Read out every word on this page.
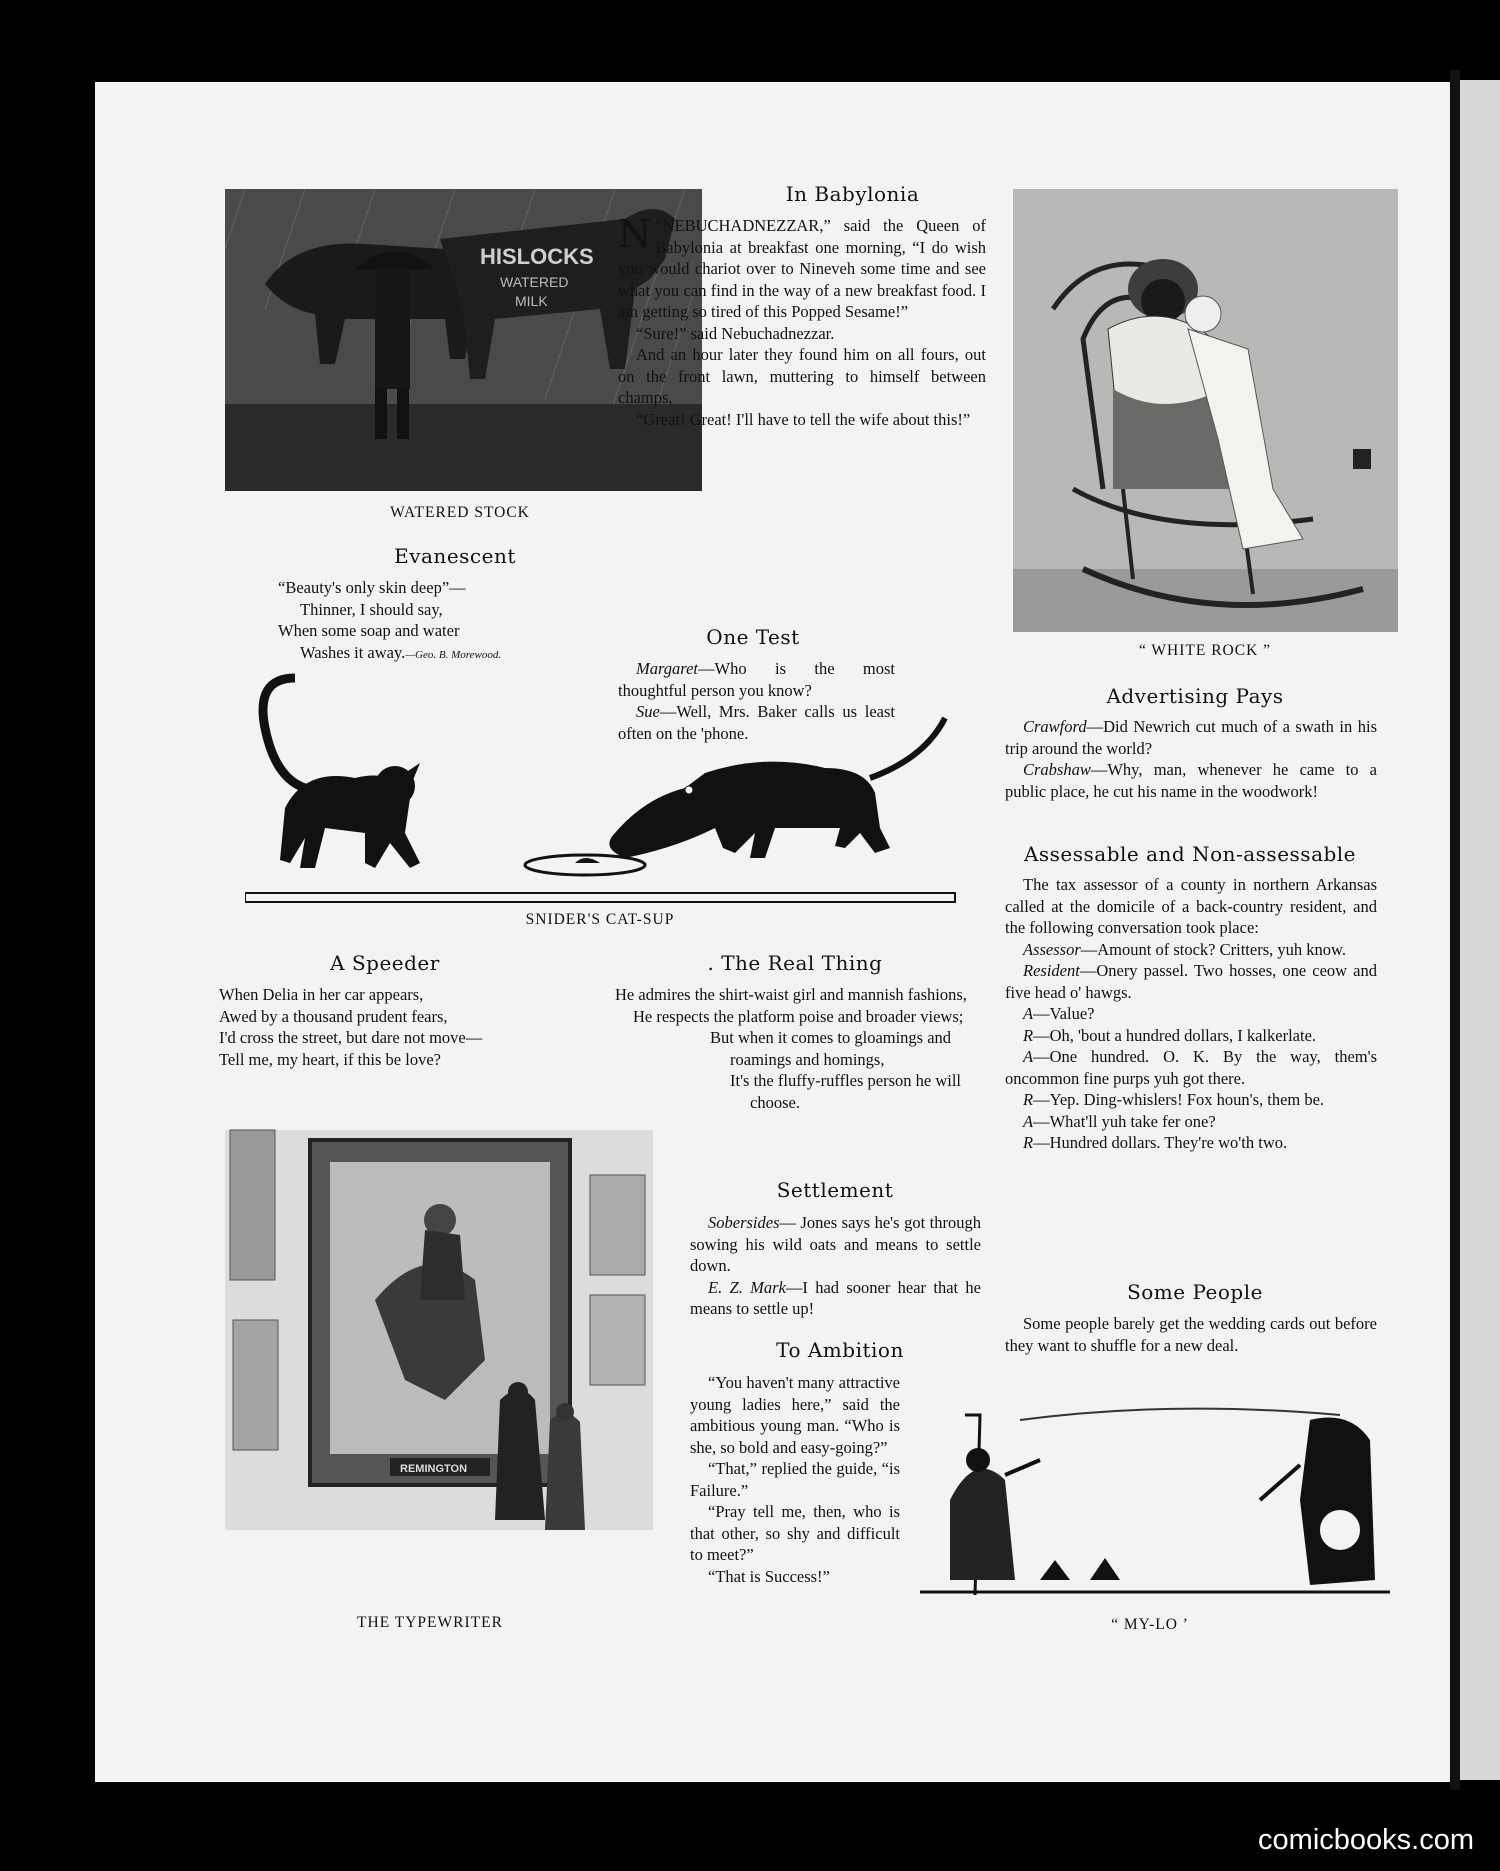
HISLOCKS
WATERED
MILK
WATERED STOCK
In Babylonia

N “NEBUCHADNEZZAR,” said the Queen of Babylonia at breakfast one morning, “I do wish you would chariot over to Nineveh some time and see what you can find in the way of a new breakfast food. I am getting so tired of this Popped Sesame!”

“Sure!” said Nebuchadnezzar.

And an hour later they found him on all fours, out on the front lawn, muttering to himself between champs,

“Great! Great! I'll have to tell the wife about this!”

“ WHITE ROCK ”
Evanescent
“Beauty's only skin deep”—
Thinner, I should say,
When some soap and water
Washes it away.—Geo. B. Morewood.
One Test

Margaret—Who is the most thoughtful person you know?

Sue—Well, Mrs. Baker calls us least often on the 'phone.

SNIDER'S CAT-SUP
Advertising Pays

Crawford—Did Newrich cut much of a swath in his trip around the world?

Crabshaw—Why, man, whenever he came to a public place, he cut his name in the woodwork!

Assessable and Non-assessable

The tax assessor of a county in northern Arkansas called at the domicile of a back-country resident, and the following conversation took place:

Assessor—Amount of stock? Critters, yuh know.

Resident—Onery passel. Two hosses, one ceow and five head o' hawgs.

A—Value?

R—Oh, 'bout a hundred dollars, I kalkerlate.

A—One hundred. O. K. By the way, them's oncommon fine purps yuh got there.

R—Yep. Ding-whislers! Fox houn's, them be.

A—What'll yuh take fer one?

R—Hundred dollars. They're wo'th two.

A Speeder
When Delia in her car appears,
Awed by a thousand prudent fears,
I'd cross the street, but dare not move—
Tell me, my heart, if this be love?
. The Real Thing
He admires the shirt-waist girl and mannish fashions,
He respects the platform poise and broader views;
But when it comes to gloamings and roamings and homings,
It's the fluffy-ruffles person he will choose.
Some People

Some people barely get the wedding cards out before they want to shuffle for a new deal.

REMINGTON
THE TYPEWRITER
Settlement

Sobersides— Jones says he's got through sowing his wild oats and means to settle down.

E. Z. Mark—I had sooner hear that he means to settle up!

To Ambition

“You haven't many attractive young ladies here,” said the ambitious young man. “Who is she, so bold and easy-going?”

“That,” replied the guide, “is Failure.”

“Pray tell me, then, who is that other, so shy and difficult to meet?”

“That is Success!”

“ MY-LO ’
comicbooks.com
